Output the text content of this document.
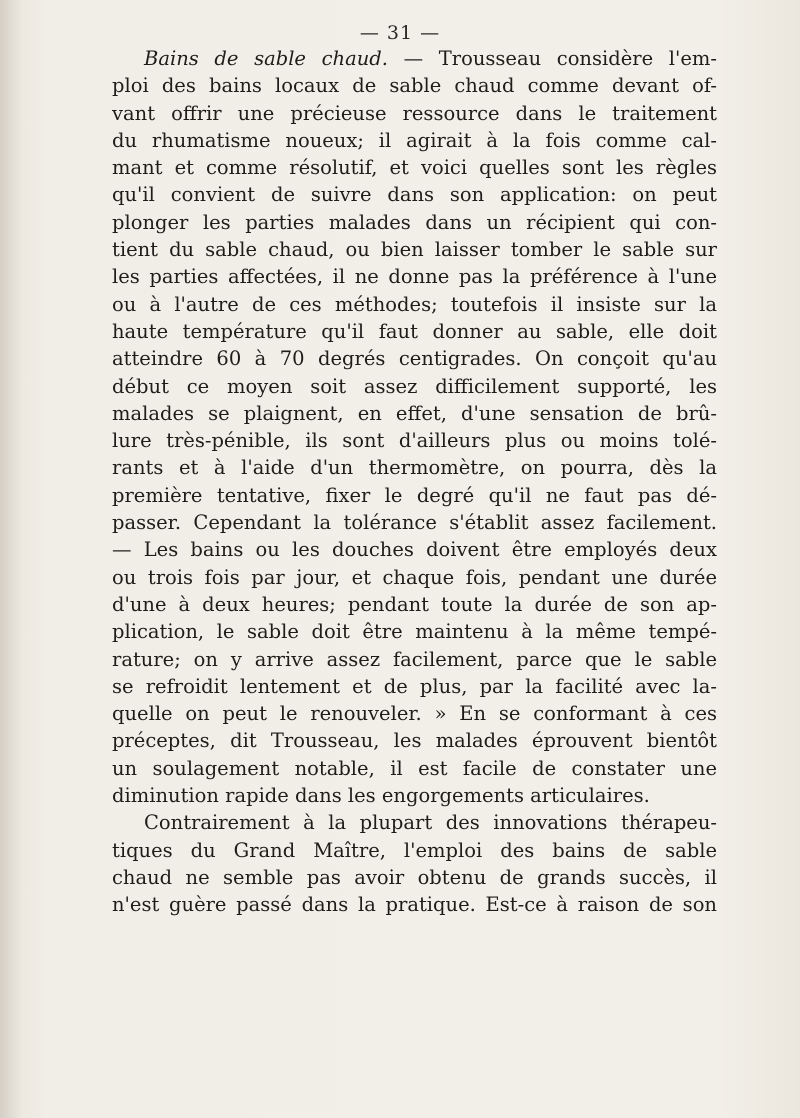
— 31 —
Bains de sable chaud. — Trousseau considère l'em-
ploi des bains locaux de sable chaud comme devant of-
vant offrir une précieuse ressource dans le traitement
du rhumatisme noueux; il agirait à la fois comme cal-
mant et comme résolutif, et voici quelles sont les règles
qu'il convient de suivre dans son application: on peut
plonger les parties malades dans un récipient qui con-
tient du sable chaud, ou bien laisser tomber le sable sur
les parties affectées, il ne donne pas la préférence à l'une
ou à l'autre de ces méthodes; toutefois il insiste sur la
haute température qu'il faut donner au sable, elle doit
atteindre 60 à 70 degrés centigrades. On conçoit qu'au
début ce moyen soit assez difficilement supporté, les
malades se plaignent, en effet, d'une sensation de brû-
lure très-pénible, ils sont d'ailleurs plus ou moins tolé-
rants et à l'aide d'un thermomètre, on pourra, dès la
première tentative, fixer le degré qu'il ne faut pas dé-
passer. Cependant la tolérance s'établit assez facilement.
— Les bains ou les douches doivent être employés deux
ou trois fois par jour, et chaque fois, pendant une durée
d'une à deux heures; pendant toute la durée de son ap-
plication, le sable doit être maintenu à la même tempé-
rature; on y arrive assez facilement, parce que le sable
se refroidit lentement et de plus, par la facilité avec la-
quelle on peut le renouveler. » En se conformant à ces
préceptes, dit Trousseau, les malades éprouvent bientôt
un soulagement notable, il est facile de constater une
diminution rapide dans les engorgements articulaires.
Contrairement à la plupart des innovations thérapeu-
tiques du Grand Maître, l'emploi des bains de sable
chaud ne semble pas avoir obtenu de grands succès, il
n'est guère passé dans la pratique. Est-ce à raison de son
